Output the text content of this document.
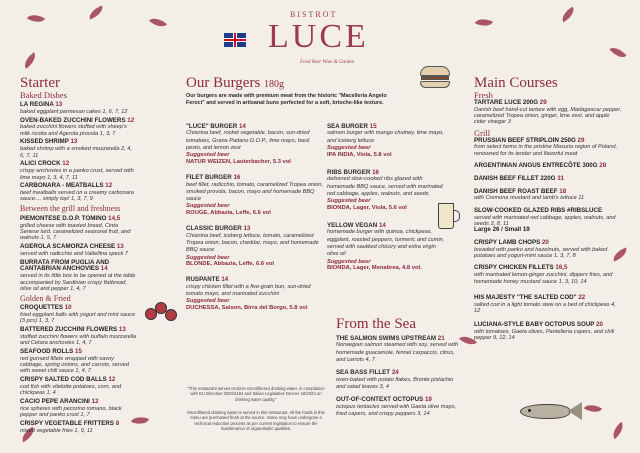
BISTROT
LUCE
Food Beer Wine & Garden
Starter
Baked Dishes
LA REGINA 13
baked eggplant parmesan cakes 1, 6, 7, 12
OVEN-BAKED ZUCCHINI FLOWERS 12
baked zucchini flowers stuffed with sheep's milk ricotta and Agerola provola 1, 3, 7
KISSED SHRIMP 13
baked shrimp with a smoked mozzarella 2, 4, 6, 7, 11
ALICI CROCK 12
crispy anchovies in a panko crust, served with lime mayo 1, 3, 4, 7, 11
CARBONARA - MEATBALLS 12
beef meatballs served on a creamy carbonara sauce.... simply top! 1, 3, 7, 9
Between the grill and freshness
PIEMONTESE D.O.P. TOMINO 14,5
grilled cheese with toasted bread, Cinta Senese lard, caramelized seasonal fruit, and walnuts 1, 5, 7
AGEROLA SCAMORZA CHEESE 13
served with radicchio and Valtellina speck 7
BURRATA FROM PUGLIA AND CANTABRIAN ANCHOVIES 14
served in its little box to be opened at the table accompanied by Sardinian crispy flatbread, olive oil and pepper 1, 4, 7
Golden & Fried
CROQUETTES 10
fried eggplant balls with yogurt and mint sauce (3 pcs) 1, 3, 7
BATTERED ZUCCHINI FLOWERS 13
stuffed zucchini flowers with buffalo mozzarella and Cetara anchovies 1, 4, 7
SEAFOOD ROLLS 15
red gurnard fillets wrapped with savoy cabbage, spring onions, and carrots, served with sweet chili sauce 1, 4, 7
CRISPY SALTED COD BALLS 12
cod fish with vitelotte potatoes, corn, and chickpeas 1, 4
CACIO PEPE ARANCINI 12
rice spheres with pecorino romano, black pepper and panko crust 1, 7
CRISPY VEGETABLE FRITTERS 8
mixed vegetable fries 1, 9, 11
Our Burgers 180g
Our burgers are made with premium meat from the historic "Macelleria Angelo Feroci" and served in artisanal buns perfected for a soft, brioche-like texture.
"LUCE" BURGER 14
Chianina beef, rocket vegetable, bacon, sun-dried tomatoes, Grana Padano D.O.P., lime mayo, basil pesto, and lemon zest
Suggested beer
NATUR WEIZEN, Lauterbacher, 5.3 vol
FILET BURGER 16
beef fillet, radicchio, tomato, caramelized Tropea onion, smoked provola, bacon, mayo and homemade BBQ sauce
Suggested beer
ROUGE, Abbazia, Leffe, 6.6 vol
CLASSIC BURGER 13
Chianina beef, iceberg lettuce, tomato, caramelized Tropea onion, bacon, cheddar, mayo, and homemade BBQ sauce
Suggested beer
BLONDE, Abbazia, Leffe, 6.6 vol
RUSPANTE 14
crispy chicken fillet with a five-grain bun, sun-dried tomato mayo, and marinated zucchini
Suggested beer
DUCHESSA, Saison, Birra del Borgo, 5.8 vol
SEA BURGER 15
salmon burger with mango chutney, lime mayo, and iceberg lettuce
Suggested beer
IPA INDIA, Viola, 5.8 vol
RIBS BURGER 16
delivered slow-cooked ribs glazed with homemade BBQ sauce, served with marinated red cabbage, apples, walnuts, and seeds
Suggested beer
BIONDA, Lager, Viola, 5.6 vol
YELLOW VEGAN 14
homemade burger with quinoa, chickpeas, eggplant, roasted peppers, turmeric and cumin, served with sautéed chicory and extra virgin olive oil
Suggested beer
BIONDA, Lager, Menabrea, 4.8 vol.
From the Sea
THE SALMON SWIMS UPSTREAM 21
Norwegian salmon steamed with soy, served with homemade guacamole, fennel carpaccio, citrus, and carrots 4, 7
SEA BASS FILLET 24
oven-baked with potato flakes, Bronte pistachio and salad leaves 3, 4
OUT-OF-CONTEXT OCTOPUS 19
octopus tentacles served with Gaeta olive mayo, fried capers, and crispy peppers 3, 14
Main Courses
Fresh
TARTARE LUCE 200G 29
Danish beef hand-cut tartare with egg, Madagascar pepper, caramelized Tropea onion, ginger, lime zest, and apple cider vinegar 3
Grill
PRUSSIAN BEEF STRIPLOIN 250G 29
from select farms in the pristine Masuria region of Poland, renowned for its tender and flavorful meat
ARGENTINIAN ANGUS ENTRECÔTE 300G 28
DANISH BEEF FILLET 220G 31
DANISH BEEF ROAST BEEF 18
with Cremona mustard and lamb's lettuce 11
SLOW-COOKED GLAZED RIBS #RIBSLUCE
served with marinated red cabbage, apples, walnuts, and seeds 3, 8, 11
Large 26 / Small 19
CRISPY LAMB CHOPS 20
breaded with panko and hazelnuts, served with baked potatoes and yogurt-mint sauce 1, 3, 7, 8
CRISPY CHICKEN FILLETS 16,5
with marinated lemon-ginger zucchini, dippers fries, and homemade honey mustard sauce 1, 3, 10, 14
HIS MAJESTY "THE SALTED COD" 22
salted cod in a light tomato stew on a bed of chickpeas 4, 12
LUCIANA-STYLE BABY OCTOPUS SOUP 20
with tomatoes, Gaeta olives, Pantelleria capers, and chili pepper 9, 12, 14
"This restaurant serves Horizon microfiltered drinking water, in compliance with EU Directive 2020/2184 and Italian Legislative Decree 18/2023 on drinking water quality."
Microfiltered drinking water is served in this restaurant. All the foods in this menu are purchased fresh at the source. Some may have undergone a technical reduction process as per current legislation to ensure the maintenance of organoleptic qualities.
